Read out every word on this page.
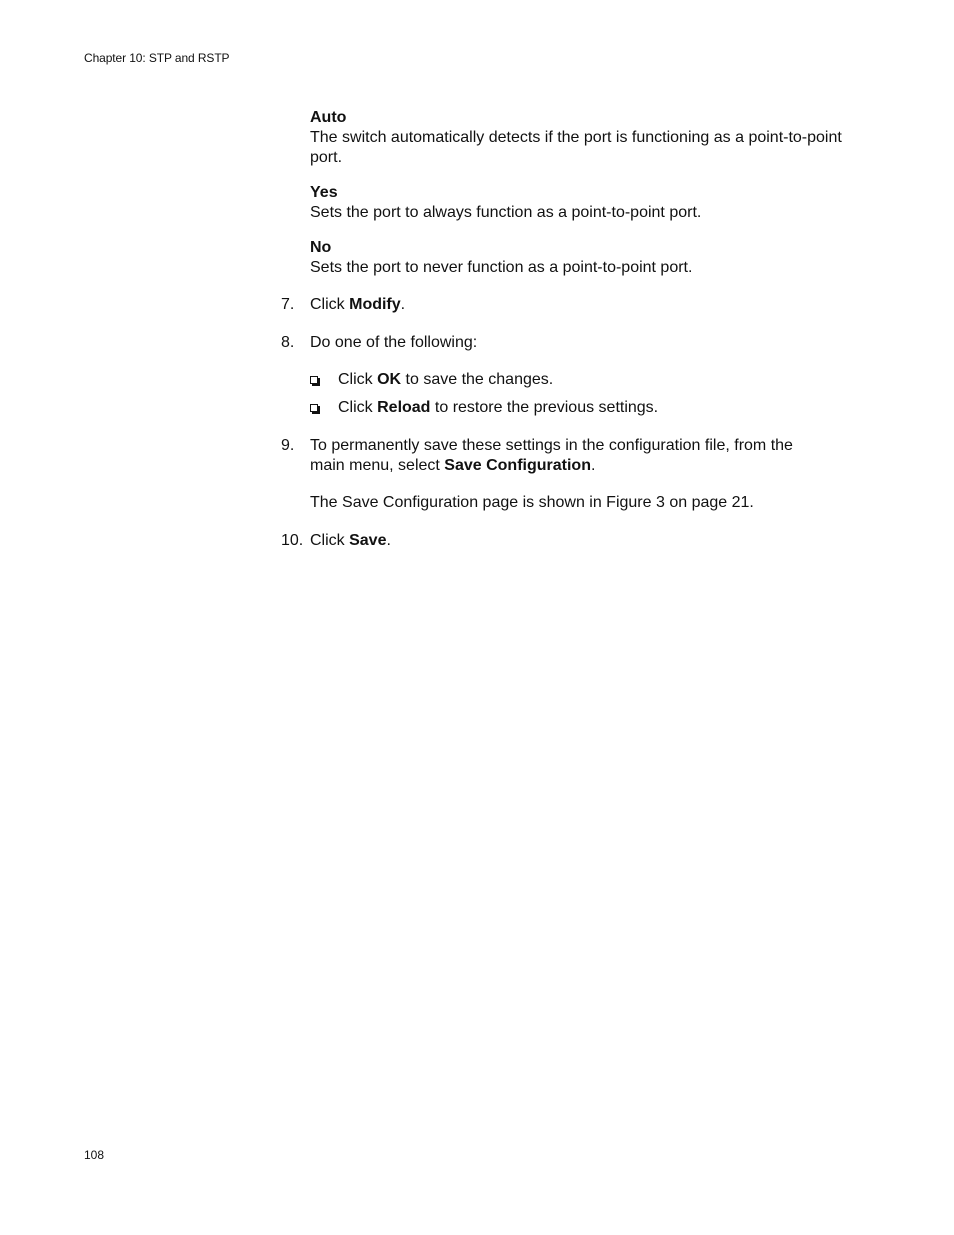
Chapter 10: STP and RSTP
Auto
The switch automatically detects if the port is functioning as a point-to-point port.
Yes
Sets the port to always function as a point-to-point port.
No
Sets the port to never function as a point-to-point port.
7. Click Modify.
8. Do one of the following:
Click OK to save the changes.
Click Reload to restore the previous settings.
9. To permanently save these settings in the configuration file, from the
main menu, select Save Configuration.
The Save Configuration page is shown in Figure 3 on page 21.
10. Click Save.
108
